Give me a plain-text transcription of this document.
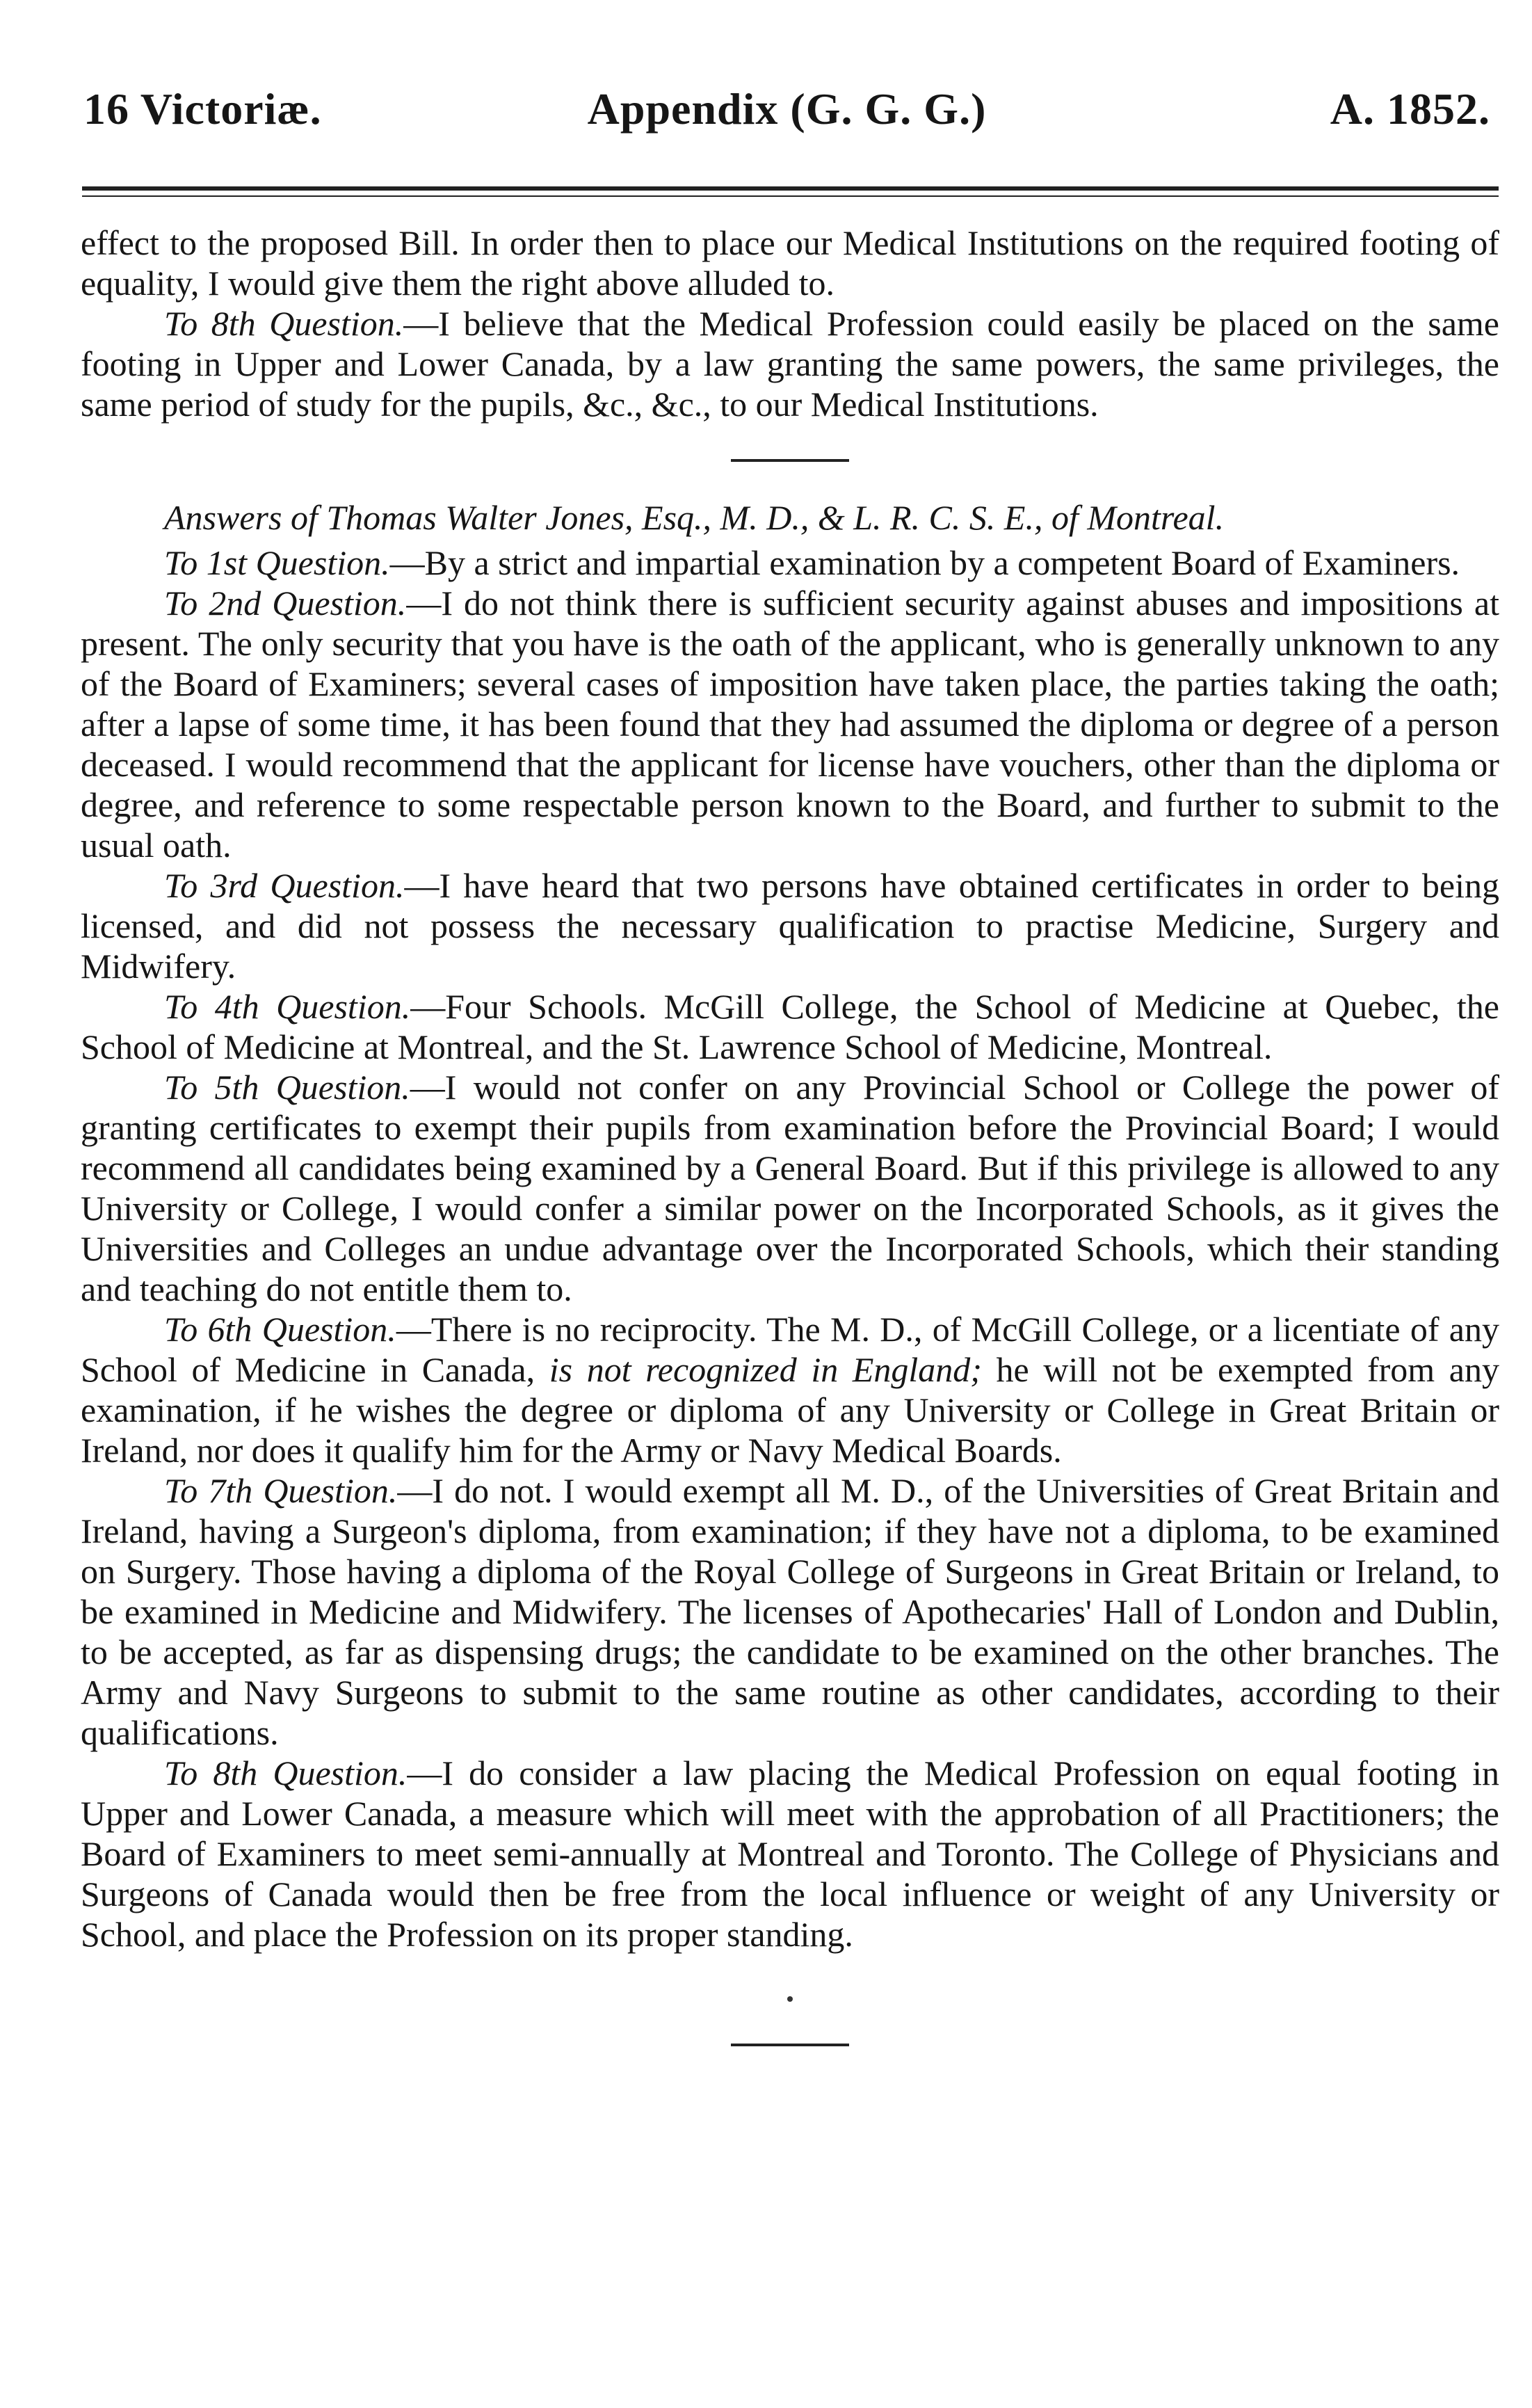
16 Victoriæ.	Appendix (G. G. G.)	A. 1852.

effect to the proposed Bill. In order then to place our Medical Institutions on the required footing of equality, I would give them the right above alluded to.

To 8th Question.—I believe that the Medical Profession could easily be placed on the same footing in Upper and Lower Canada, by a law granting the same powers, the same privileges, the same period of study for the pupils, &c., &c., to our Medical Institutions.

Answers of Thomas Walter Jones, Esq., M. D., & L. R. C. S. E., of Montreal.

To 1st Question.—By a strict and impartial examination by a competent Board of Examiners.

To 2nd Question.—I do not think there is sufficient security against abuses and impositions at present. The only security that you have is the oath of the applicant, who is generally unknown to any of the Board of Examiners; several cases of imposition have taken place, the parties taking the oath; after a lapse of some time, it has been found that they had assumed the diploma or degree of a person deceased. I would recommend that the applicant for license have vouchers, other than the diploma or degree, and reference to some respectable person known to the Board, and further to submit to the usual oath.

To 3rd Question.—I have heard that two persons have obtained certificates in order to being licensed, and did not possess the necessary qualification to practise Medicine, Surgery and Midwifery.

To 4th Question.—Four Schools. McGill College, the School of Medicine at Quebec, the School of Medicine at Montreal, and the St. Lawrence School of Medicine, Montreal.

To 5th Question.—I would not confer on any Provincial School or College the power of granting certificates to exempt their pupils from examination before the Provincial Board; I would recommend all candidates being examined by a General Board. But if this privilege is allowed to any University or College, I would confer a similar power on the Incorporated Schools, as it gives the Universities and Colleges an undue advantage over the Incorporated Schools, which their standing and teaching do not entitle them to.

To 6th Question.—There is no reciprocity. The M. D., of McGill College, or a licentiate of any School of Medicine in Canada, is not recognized in England; he will not be exempted from any examination, if he wishes the degree or diploma of any University or College in Great Britain or Ireland, nor does it qualify him for the Army or Navy Medical Boards.

To 7th Question.—I do not. I would exempt all M. D., of the Universities of Great Britain and Ireland, having a Surgeon's diploma, from examination; if they have not a diploma, to be examined on Surgery. Those having a diploma of the Royal College of Surgeons in Great Britain or Ireland, to be examined in Medicine and Midwifery. The licenses of Apothecaries' Hall of London and Dublin, to be accepted, as far as dispensing drugs; the candidate to be examined on the other branches. The Army and Navy Surgeons to submit to the same routine as other candidates, according to their qualifications.

To 8th Question.—I do consider a law placing the Medical Profession on equal footing in Upper and Lower Canada, a measure which will meet with the approbation of all Practitioners; the Board of Examiners to meet semi-annually at Montreal and Toronto. The College of Physicians and Surgeons of Canada would then be free from the local influence or weight of any University or School, and place the Profession on its proper standing.
